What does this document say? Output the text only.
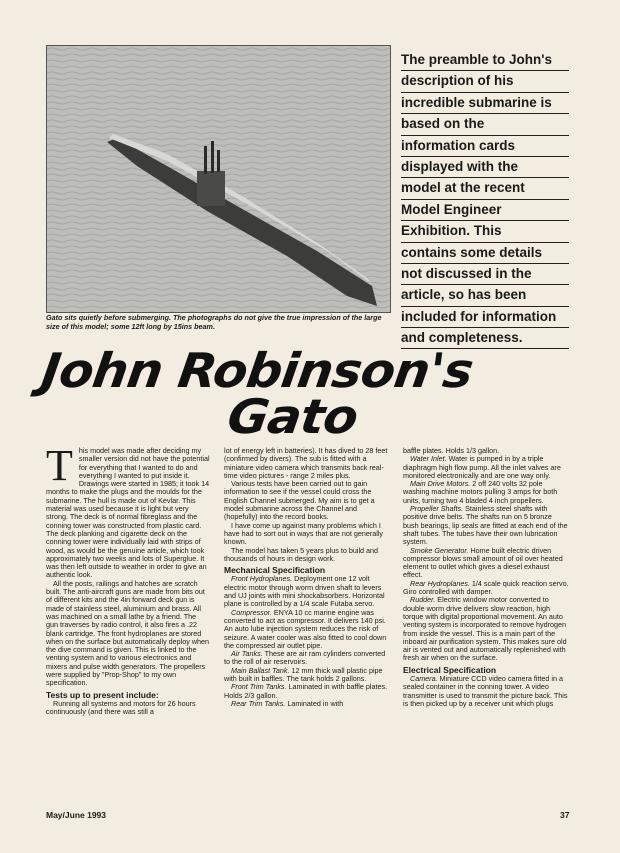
Gato sits quietly before submerging. The photographs do not give the true impression of the large size of this model; some 12ft long by 15ins beam.
The preamble to John's
description of his
incredible submarine is
based on the
information cards
displayed with the
model at the recent
Model Engineer
Exhibition. This
contains some details
not discussed in the
article, so has been
included for information
and completeness.
John Robinson's
Gato

This model was made after deciding my smaller version did not have the potential for everything that I wanted to do and everything I wanted to put inside it. Drawings were started in 1985; it took 14 months to make the plugs and the moulds for the submarine. The hull is made out of Kevlar. This material was used because it is light but very strong. The deck is of normal fibreglass and the conning tower was constructed from plastic card. The deck planking and cigarette deck on the conning tower were individually laid with strips of wood, as would be the genuine article, which took approximately two weeks and lots of Superglue. It was then left outside to weather in order to give an authentic look.

All the posts, railings and hatches are scratch built. The anti-aircraft guns are made from bits out of different kits and the 4in forward deck gun is made of stainless steel, aluminium and brass. All was machined on a small lathe by a friend. The gun traverses by radio control, it also fires a .22 blank cartridge. The front hydroplanes are stored when on the surface but automatically deploy when the dive command is given. This is linked to the venting system and to various electronics and mixers and pulse width generators. The propellers were supplied by "Prop-Shop" to my own specification.

Tests up to present include:

Running all systems and motors for 26 hours continuously (and there was still a

lot of energy left in batteries). It has dived to 28 feet (confirmed by divers). The sub is fitted with a miniature video camera which transmits back real-time video pictures - range 2 miles plus.

Various tests have been carried out to gain information to see if the vessel could cross the English Channel submerged. My aim is to get a model submarine across the Channel and (hopefully) into the record books.

I have come up against many problems which I have had to sort out in ways that are not generally known.

The model has taken 5 years plus to build and thousands of hours in design work.

Mechanical Specification

Front Hydroplanes. Deployment one 12 volt electric motor through worm driven shaft to levers and UJ joints with mini shockabsorbers. Horizontal plane is controlled by a 1/4 scale Futaba servo.

Compressor. ENYA 10 cc marine engine was converted to act as compressor. It delivers 140 psi. An auto lube injection system reduces the risk of seizure. A water cooler was also fitted to cool down the compressed air outlet pipe.

Air Tanks. These are air ram cylinders converted to the roll of air reservoirs.

Main Ballast Tank. 12 mm thick wall plastic pipe with built in baffles. The tank holds 2 gallons.

Front Trim Tanks. Laminated in with baffle plates. Holds 2/3 gallon.

Rear Trim Tanks. Laminated in with

baffle plates. Holds 1/3 gallon.

Water Inlet. Water is pumped in by a triple diaphragm high flow pump. All the inlet valves are monitored electronically and are one way only.

Main Drive Motors. 2 off 240 volts 32 pole washing machine motors pulling 3 amps for both units, turning two 4 bladed 4 inch propellers.

Propeller Shafts. Stainless steel shafts with positive drive belts. The shafts run on 5 bronze bush bearings, lip seals are fitted at each end of the shaft tubes. The tubes have their own lubrication system.

Smoke Generator. Home built electric driven compressor blows small amount of oil over heated element to outlet which gives a diesel exhaust effect.

Rear Hydroplanes. 1/4 scale quick reaction servo. Giro controlled with damper.

Rudder. Electric window motor converted to double worm drive delivers slow reaction, high torque with digital proportional movement. An auto venting system is incorporated to remove hydrogen from inside the vessel. This is a main part of the inboard air purification system. This makes sure old air is vented out and automatically replenished with fresh air when on the surface.

Electrical Specification

Camera. Miniature CCD video camera fitted in a sealed container in the conning tower. A video transmitter is used to transmit the picture back. This is then picked up by a receiver unit which plugs

May/June 1993	37
